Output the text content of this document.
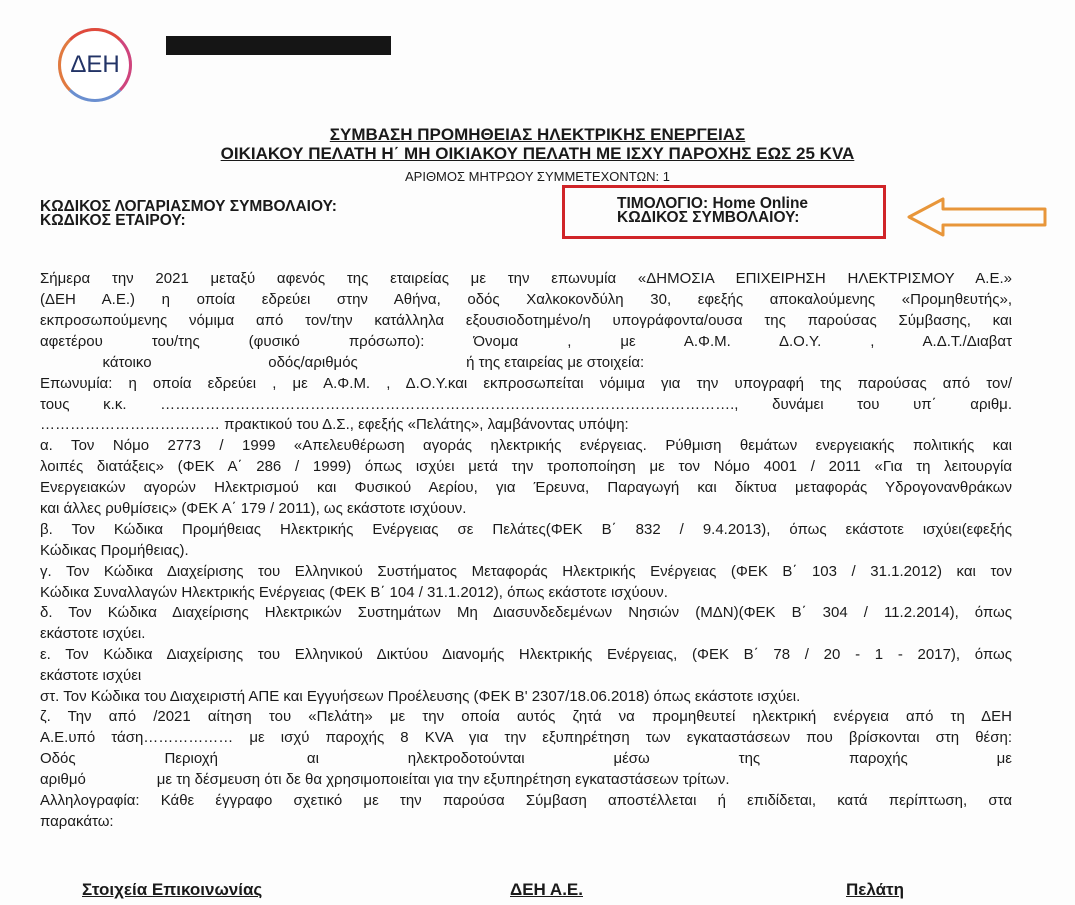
ΔΕΗ
ΣΥΜΒΑΣΗ ΠΡΟΜΗΘΕΙΑΣ ΗΛΕΚΤΡΙΚΗΣ ΕΝΕΡΓΕΙΑΣ
ΟΙΚΙΑΚΟΥ ΠΕΛΑΤΗ Η΄ ΜΗ ΟΙΚΙΑΚΟΥ ΠΕΛΑΤΗ ΜΕ ΙΣΧΥ ΠΑΡΟΧΗΣ ΕΩΣ 25 KVA
ΑΡΙΘΜΟΣ ΜΗΤΡΩΟΥ ΣΥΜΜΕΤΕΧΟΝΤΩΝ: 1
ΚΩΔΙΚΟΣ ΛΟΓΑΡΙΑΣΜΟΥ ΣΥΜΒΟΛΑΙΟΥ:
ΚΩΔΙΚΟΣ ΕΤΑΙΡΟΥ:
ΤΙΜΟΛΟΓΙΟ: Home Online
ΚΩΔΙΚΟΣ ΣΥΜΒΟΛΑΙΟΥ:
Σήμερα την 2021 μεταξύ αφενός της εταιρείας με την επωνυμία «ΔΗΜΟΣΙΑ ΕΠΙΧΕΙΡΗΣΗ ΗΛΕΚΤΡΙΣΜΟΥ Α.Ε.»
(ΔΕΗ Α.Ε.) η οποία εδρεύει στην Αθήνα, οδός Χαλκοκονδύλη 30, εφεξής αποκαλούμενης «Προμηθευτής»,
εκπροσωπούμενης νόμιμα από τον/την κατάλληλα εξουσιοδοτημένο/η υπογράφοντα/ουσα της παρούσας Σύμβασης, και
αφετέρου του/της (φυσικό πρόσωπο): Όνομα , με Α.Φ.Μ. Δ.Ο.Υ. , Α.Δ.Τ./Διαβατ
κάτοικο                            οδός/αριθμός                          ή της εταιρείας με στοιχεία:
Επωνυμία: η οποία εδρεύει , με Α.Φ.Μ. , Δ.Ο.Υ.και εκπροσωπείται νόμιμα για την υπογραφή της παρούσας από τον/
τους κ.κ. ……………………………………………………………………………………………………., δυνάμει του υπ΄ αριθμ.
……………………………… πρακτικού του Δ.Σ., εφεξής «Πελάτης», λαμβάνοντας υπόψη:
α. Τον Νόμο 2773 / 1999 «Απελευθέρωση αγοράς ηλεκτρικής ενέργειας. Ρύθμιση θεμάτων ενεργειακής πολιτικής και
λοιπές διατάξεις» (ΦΕΚ Α΄ 286 / 1999) όπως ισχύει μετά την τροποποίηση με τον Νόμο 4001 / 2011 «Για τη λειτουργία
Ενεργειακών αγορών Ηλεκτρισμού και Φυσικού Αερίου, για Έρευνα, Παραγωγή και δίκτυα μεταφοράς Υδρογονανθράκων
και άλλες ρυθμίσεις» (ΦΕΚ Α΄ 179 / 2011), ως εκάστοτε ισχύουν.
β. Τον Κώδικα Προμήθειας Ηλεκτρικής Ενέργειας σε Πελάτες(ΦΕΚ Β΄ 832 / 9.4.2013), όπως εκάστοτε ισχύει(εφεξής
Κώδικας Προμήθειας).
γ. Τον Κώδικα Διαχείρισης του Ελληνικού Συστήματος Μεταφοράς Ηλεκτρικής Ενέργειας (ΦΕΚ Β΄ 103 / 31.1.2012) και τον
Κώδικα Συναλλαγών Ηλεκτρικής Ενέργειας (ΦΕΚ Β΄ 104 / 31.1.2012), όπως εκάστοτε ισχύουν.
δ. Τον Κώδικα Διαχείρισης Ηλεκτρικών Συστημάτων Μη Διασυνδεδεμένων Νησιών (ΜΔΝ)(ΦΕΚ Β΄ 304 / 11.2.2014), όπως
εκάστοτε ισχύει.
ε. Τον Κώδικα Διαχείρισης του Ελληνικού Δικτύου Διανομής Ηλεκτρικής Ενέργειας, (ΦΕΚ Β΄ 78 / 20 - 1 - 2017), όπως
εκάστοτε ισχύει
στ. Τον Κώδικα του Διαχειριστή ΑΠΕ και Εγγυήσεων Προέλευσης (ΦΕΚ Β' 2307/18.06.2018) όπως εκάστοτε ισχύει.
ζ. Την από /2021 αίτηση του «Πελάτη» με την οποία αυτός ζητά να προμηθευτεί ηλεκτρική ενέργεια από τη ΔΕΗ
Α.Ε.υπό τάση……………… με ισχύ παροχής 8 KVA για την εξυπηρέτηση των εγκαταστάσεων που βρίσκονται στη θέση:
Οδός Περιοχή αι ηλεκτροδοτούνται μέσω της παροχής με
αριθμό                 με τη δέσμευση ότι δε θα χρησιμοποιείται για την εξυπηρέτηση εγκαταστάσεων τρίτων.
Αλληλογραφία: Κάθε έγγραφο σχετικό με την παρούσα Σύμβαση αποστέλλεται ή επιδίδεται, κατά περίπτωση, στα
παρακάτω:
Στοιχεία Επικοινωνίας	ΔΕΗ Α.Ε.	Πελάτη
